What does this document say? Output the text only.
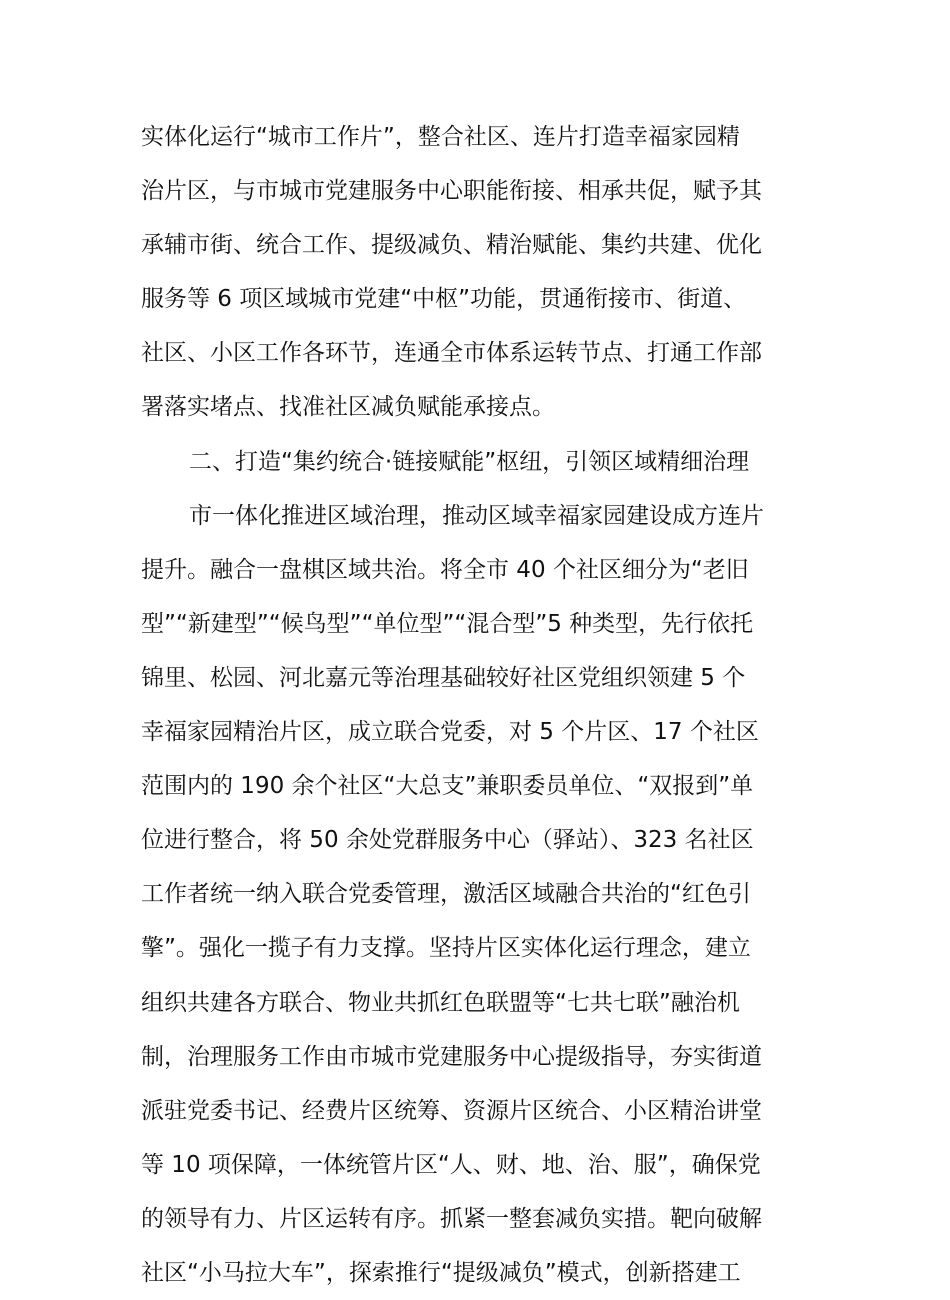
实体化运行“城市工作片”，整合社区、连片打造幸福家园精
治片区，与市城市党建服务中心职能衔接、相承共促，赋予其
承辅市街、统合工作、提级减负、精治赋能、集约共建、优化
服务等 6 项区域城市党建“中枢”功能，贯通衔接市、街道、
社区、小区工作各环节，连通全市体系运转节点、打通工作部
署落实堵点、找准社区减负赋能承接点。
二、打造“集约统合·链接赋能”枢纽，引领区域精细治理
市一体化推进区域治理，推动区域幸福家园建设成方连片
提升。融合一盘棋区域共治。将全市 40 个社区细分为“老旧
型”“新建型”“候鸟型”“单位型”“混合型”5 种类型，先行依托
锦里、松园、河北嘉元等治理基础较好社区党组织领建 5 个
幸福家园精治片区，成立联合党委，对 5 个片区、17 个社区
范围内的 190 余个社区“大总支”兼职委员单位、“双报到”单
位进行整合，将 50 余处党群服务中心（驿站）、323 名社区
工作者统一纳入联合党委管理，激活区域融合共治的“红色引
擎”。强化一揽子有力支撑。坚持片区实体化运行理念，建立
组织共建各方联合、物业共抓红色联盟等“七共七联”融治机
制，治理服务工作由市城市党建服务中心提级指导，夯实街道
派驻党委书记、经费片区统筹、资源片区统合、小区精治讲堂
等 10 项保障，一体统管片区“人、财、地、治、服”，确保党
的领导有力、片区运转有序。抓紧一整套减负实措。靶向破解
社区“小马拉大车”，探索推行“提级减负”模式，创新搭建工
